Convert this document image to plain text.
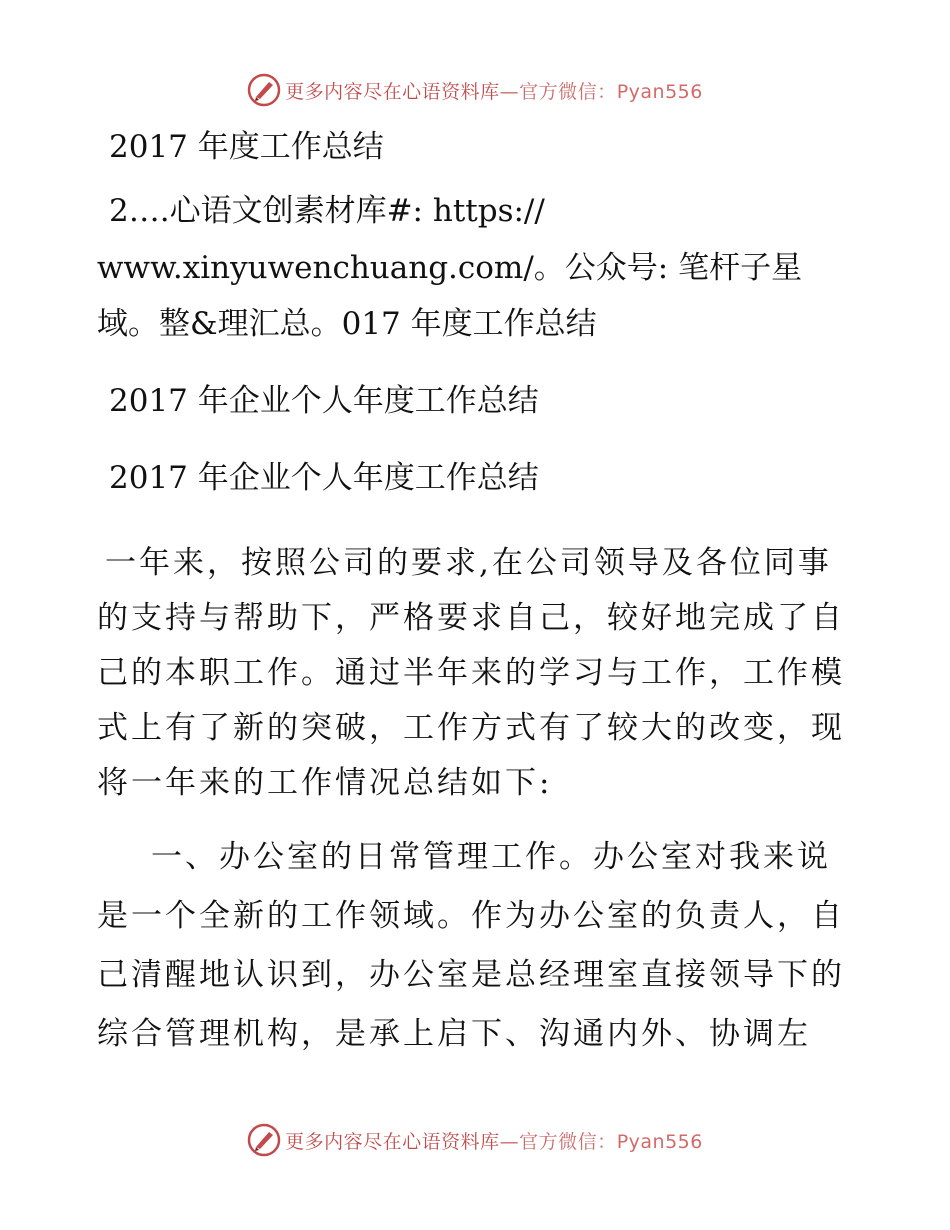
更多内容尽在心语资料库—官方微信：Pyan556

2017 年度工作总结

2….心语文创素材库#: https://

www.xinyuwenchuang.com/。公众号: 笔杆子星

域。整&理汇总。017 年度工作总结

2017 年企业个人年度工作总结

2017 年企业个人年度工作总结

一年来，按照公司的要求,在公司领导及各位同事

的支持与帮助下，严格要求自己，较好地完成了自

己的本职工作。通过半年来的学习与工作，工作模

式上有了新的突破，工作方式有了较大的改变，现

将一年来的工作情况总结如下:

　一、办公室的日常管理工作。办公室对我来说

是一个全新的工作领域。作为办公室的负责人，自

己清醒地认识到，办公室是总经理室直接领导下的

综合管理机构，是承上启下、沟通内外、协调左

更多内容尽在心语资料库—官方微信：Pyan556
